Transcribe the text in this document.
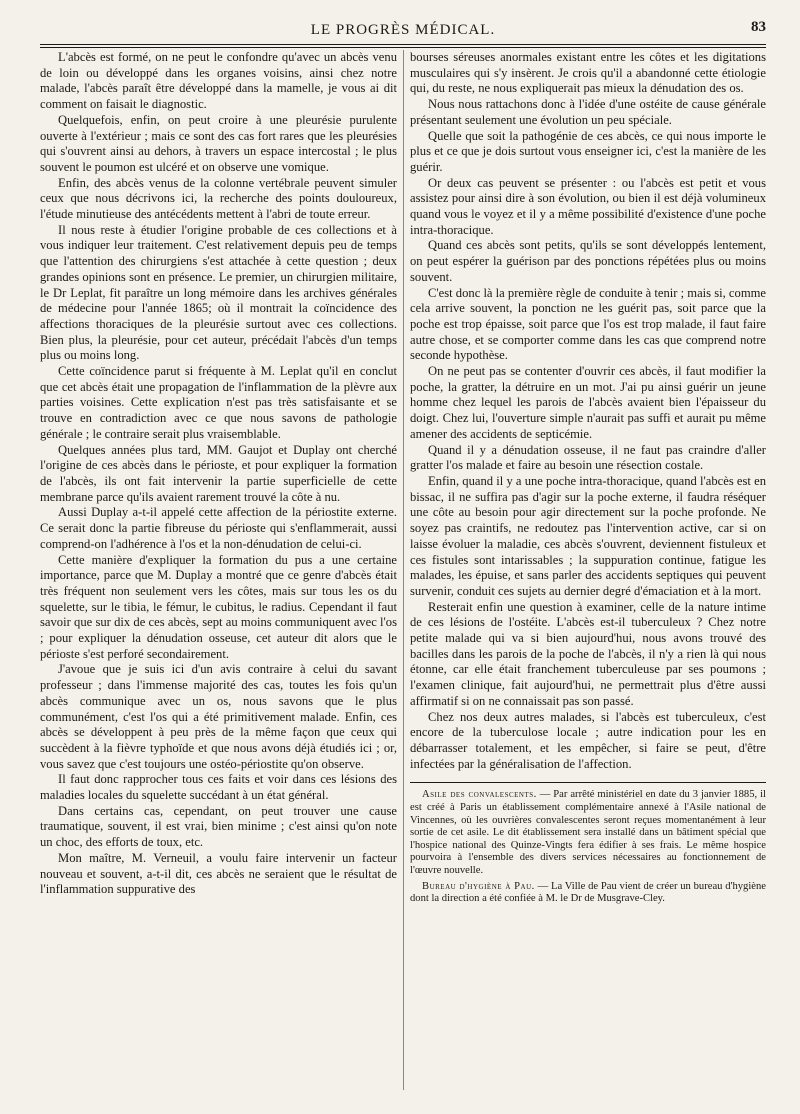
LE PROGRÈS MÉDICAL.	83

L'abcès est formé, on ne peut le confondre qu'avec un abcès venu de loin ou développé dans les organes voisins, ainsi chez notre malade, l'abcès paraît être développé dans la mamelle, je vous ai dit comment on faisait le diagnostic.

Quelquefois, enfin, on peut croire à une pleurésie purulente ouverte à l'extérieur ; mais ce sont des cas fort rares que les pleurésies qui s'ouvrent ainsi au dehors, à travers un espace intercostal ; le plus souvent le poumon est ulcéré et on observe une vomique.

Enfin, des abcès venus de la colonne vertébrale peuvent simuler ceux que nous décrivons ici, la recherche des points douloureux, l'étude minutieuse des antécédents mettent à l'abri de toute erreur.

Il nous reste à étudier l'origine probable de ces collections et à vous indiquer leur traitement. C'est relativement depuis peu de temps que l'attention des chirurgiens s'est attachée à cette question ; deux grandes opinions sont en présence. Le premier, un chirurgien militaire, le Dr Leplat, fit paraître un long mémoire dans les archives générales de médecine pour l'année 1865; où il montrait la coïncidence des affections thoraciques de la pleurésie surtout avec ces collections. Bien plus, la pleurésie, pour cet auteur, précédait l'abcès d'un temps plus ou moins long.

Cette coïncidence parut si fréquente à M. Leplat qu'il en conclut que cet abcès était une propagation de l'inflammation de la plèvre aux parties voisines. Cette explication n'est pas très satisfaisante et se trouve en contradiction avec ce que nous savons de pathologie générale ; le contraire serait plus vraisemblable.

Quelques années plus tard, MM. Gaujot et Duplay ont cherché l'origine de ces abcès dans le périoste, et pour expliquer la formation de l'abcès, ils ont fait intervenir la partie superficielle de cette membrane parce qu'ils avaient rarement trouvé la côte à nu.

Aussi Duplay a-t-il appelé cette affection de la périostite externe. Ce serait donc la partie fibreuse du périoste qui s'enflammerait, aussi comprend-on l'adhérence à l'os et la non-dénudation de celui-ci.

Cette manière d'expliquer la formation du pus a une certaine importance, parce que M. Duplay a montré que ce genre d'abcès était très fréquent non seulement vers les côtes, mais sur tous les os du squelette, sur le tibia, le fémur, le cubitus, le radius. Cependant il faut savoir que sur dix de ces abcès, sept au moins communiquent avec l'os ; pour expliquer la dénudation osseuse, cet auteur dit alors que le périoste s'est perforé secondairement.

J'avoue que je suis ici d'un avis contraire à celui du savant professeur ; dans l'immense majorité des cas, toutes les fois qu'un abcès communique avec un os, nous savons que le plus communément, c'est l'os qui a été primitivement malade. Enfin, ces abcès se développent à peu près de la même façon que ceux qui succèdent à la fièvre typhoïde et que nous avons déjà étudiés ici ; or, vous savez que c'est toujours une ostéo-périostite qu'on observe.

Il faut donc rapprocher tous ces faits et voir dans ces lésions des maladies locales du squelette succédant à un état général.

Dans certains cas, cependant, on peut trouver une cause traumatique, souvent, il est vrai, bien minime ; c'est ainsi qu'on note un choc, des efforts de toux, etc.

Mon maître, M. Verneuil, a voulu faire intervenir un facteur nouveau et souvent, a-t-il dit, ces abcès ne seraient que le résultat de l'inflammation suppurative des

bourses séreuses anormales existant entre les côtes et les digitations musculaires qui s'y insèrent. Je crois qu'il a abandonné cette étiologie qui, du reste, ne nous expliquerait pas mieux la dénudation des os.

Nous nous rattachons donc à l'idée d'une ostéite de cause générale présentant seulement une évolution un peu spéciale.

Quelle que soit la pathogénie de ces abcès, ce qui nous importe le plus et ce que je dois surtout vous enseigner ici, c'est la manière de les guérir.

Or deux cas peuvent se présenter : ou l'abcès est petit et vous assistez pour ainsi dire à son évolution, ou bien il est déjà volumineux quand vous le voyez et il y a même possibilité d'existence d'une poche intra-thoracique.

Quand ces abcès sont petits, qu'ils se sont développés lentement, on peut espérer la guérison par des ponctions répétées plus ou moins souvent.

C'est donc là la première règle de conduite à tenir ; mais si, comme cela arrive souvent, la ponction ne les guérit pas, soit parce que la poche est trop épaisse, soit parce que l'os est trop malade, il faut faire autre chose, et se comporter comme dans les cas que comprend notre seconde hypothèse.

On ne peut pas se contenter d'ouvrir ces abcès, il faut modifier la poche, la gratter, la détruire en un mot. J'ai pu ainsi guérir un jeune homme chez lequel les parois de l'abcès avaient bien l'épaisseur du doigt. Chez lui, l'ouverture simple n'aurait pas suffi et aurait pu même amener des accidents de septicémie.

Quand il y a dénudation osseuse, il ne faut pas craindre d'aller gratter l'os malade et faire au besoin une résection costale.

Enfin, quand il y a une poche intra-thoracique, quand l'abcès est en bissac, il ne suffira pas d'agir sur la poche externe, il faudra réséquer une côte au besoin pour agir directement sur la poche profonde. Ne soyez pas craintifs, ne redoutez pas l'intervention active, car si on laisse évoluer la maladie, ces abcès s'ouvrent, deviennent fistuleux et ces fistules sont intarissables ; la suppuration continue, fatigue les malades, les épuise, et sans parler des accidents septiques qui peuvent survenir, conduit ces sujets au dernier degré d'émaciation et à la mort.

Resterait enfin une question à examiner, celle de la nature intime de ces lésions de l'ostéite. L'abcès est-il tuberculeux ? Chez notre petite malade qui va si bien aujourd'hui, nous avons trouvé des bacilles dans les parois de la poche de l'abcès, il n'y a rien là qui nous étonne, car elle était franchement tuberculeuse par ses poumons ; l'examen clinique, fait aujourd'hui, ne permettrait plus d'être aussi affirmatif si on ne connaissait pas son passé.

Chez nos deux autres malades, si l'abcès est tuberculeux, c'est encore de la tuberculose locale ; autre indication pour les en débarrasser totalement, et les empêcher, si faire se peut, d'être infectées par la généralisation de l'affection.

Asile des convalescents. — Par arrêté ministériel en date du 3 janvier 1885, il est créé à Paris un établissement complémentaire annexé à l'Asile national de Vincennes, où les ouvrières convalescentes seront reçues momentanément à leur sortie de cet asile. Le dit établissement sera installé dans un bâtiment spécial que l'hospice national des Quinze-Vingts fera édifier à ses frais. Le même hospice pourvoira à l'ensemble des divers services nécessaires au fonctionnement de l'œuvre nouvelle.

Bureau d'hygiène à Pau. — La Ville de Pau vient de créer un bureau d'hygiène dont la direction a été confiée à M. le Dr de Musgrave-Cley.
